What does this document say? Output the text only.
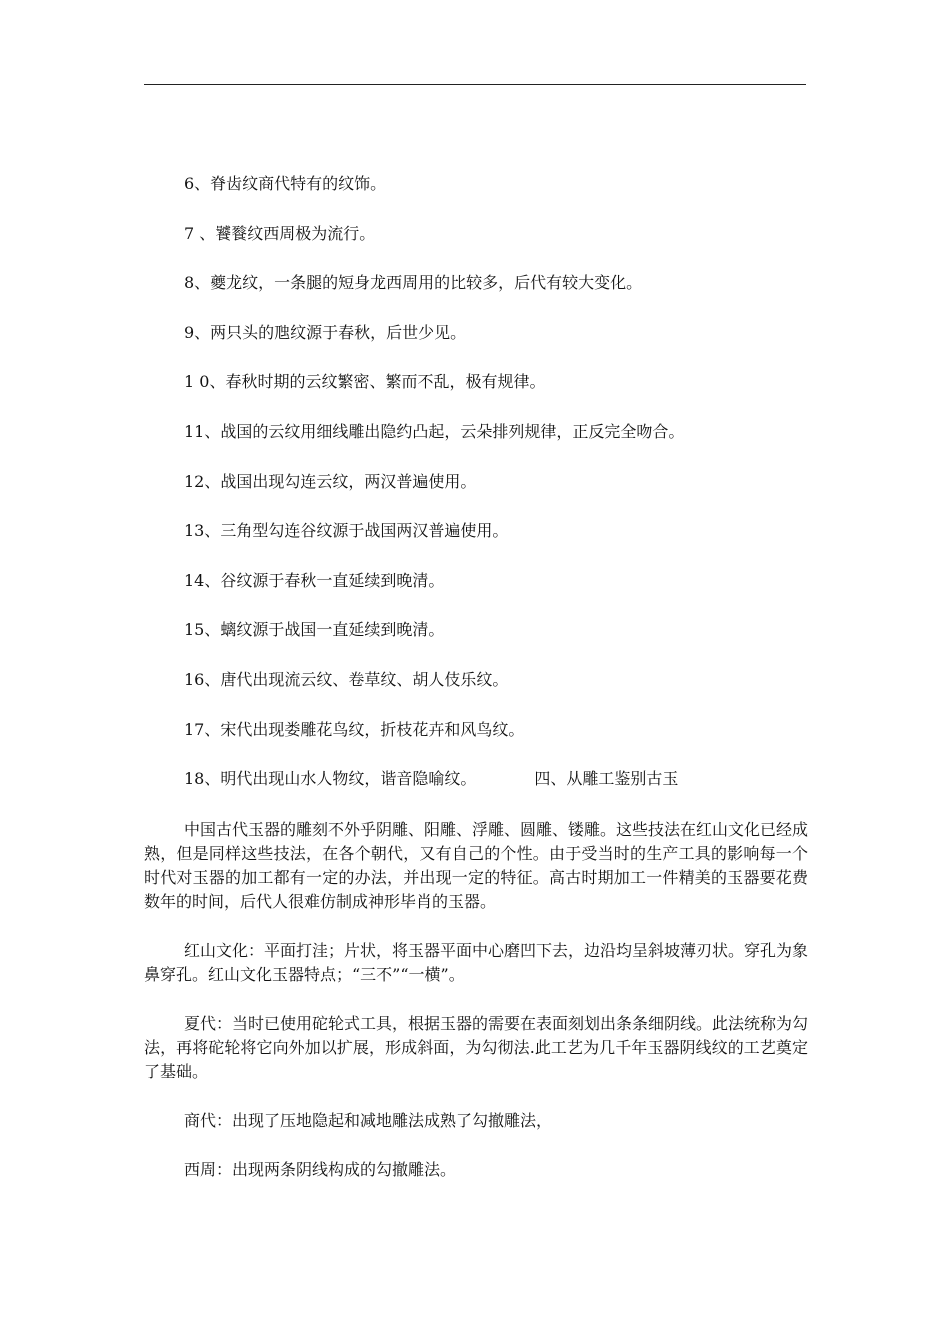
6、脊齿纹商代特有的纹饰。
7 、饕餮纹西周极为流行。
8、夔龙纹，一条腿的短身龙西周用的比较多，后代有较大变化。
9、两只头的虺纹源于春秋，后世少见。
1 0、春秋时期的云纹繁密、繁而不乱，极有规律。
11、战国的云纹用细线雕出隐约凸起，云朵排列规律，正反完全吻合。
12、战国出现勾连云纹，两汉普遍使用。
13、三角型勾连谷纹源于战国两汉普遍使用。
14、谷纹源于春秋一直延续到晚清。
15、螭纹源于战国一直延续到晚清。
16、唐代出现流云纹、卷草纹、胡人伎乐纹。
17、宋代出现娄雕花鸟纹，折枝花卉和风鸟纹。
18、明代出现山水人物纹，谐音隐喻纹。	四、从雕工鉴别古玉

中国古代玉器的雕刻不外乎阴雕、阳雕、浮雕、圆雕、镂雕。这些技法在红山文化已经成熟，但是同样这些技法，在各个朝代，又有自己的个性。由于受当时的生产工具的影响每一个时代对玉器的加工都有一定的办法，并出现一定的特征。高古时期加工一件精美的玉器要花费数年的时间，后代人很难仿制成神形毕肖的玉器。

红山文化：平面打洼；片状，将玉器平面中心磨凹下去，边沿均呈斜坡薄刃状。穿孔为象鼻穿孔。红山文化玉器特点；“三不”“一横”。

夏代：当时已使用砣轮式工具，根据玉器的需要在表面刻划出条条细阴线。此法统称为勾法，再将砣轮将它向外加以扩展，形成斜面，为勾彻法.此工艺为几千年玉器阴线纹的工艺奠定了基础。

商代：出现了压地隐起和减地雕法成熟了勾撤雕法，

西周：出现两条阴线构成的勾撤雕法。
